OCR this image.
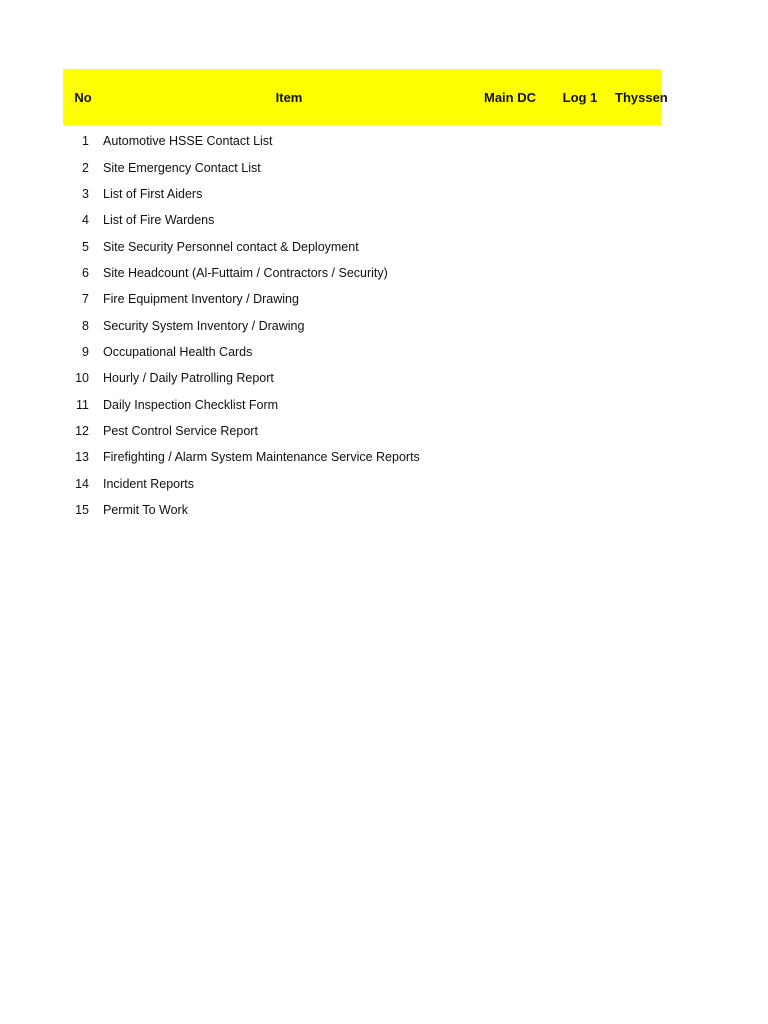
No	Item	Main DC	Log 1	Thyssen
1	Automotive HSSE Contact List
2	Site Emergency Contact List
3	List of First Aiders
4	List of Fire Wardens
5	Site Security Personnel contact & Deployment
6	Site Headcount (Al-Futtaim / Contractors / Security)
7	Fire Equipment Inventory / Drawing
8	Security System Inventory / Drawing
9	Occupational Health Cards
10	Hourly / Daily Patrolling Report
11	Daily Inspection Checklist Form
12	Pest Control Service Report
13	Firefighting / Alarm System Maintenance Service Reports
14	Incident Reports
15	Permit To Work
